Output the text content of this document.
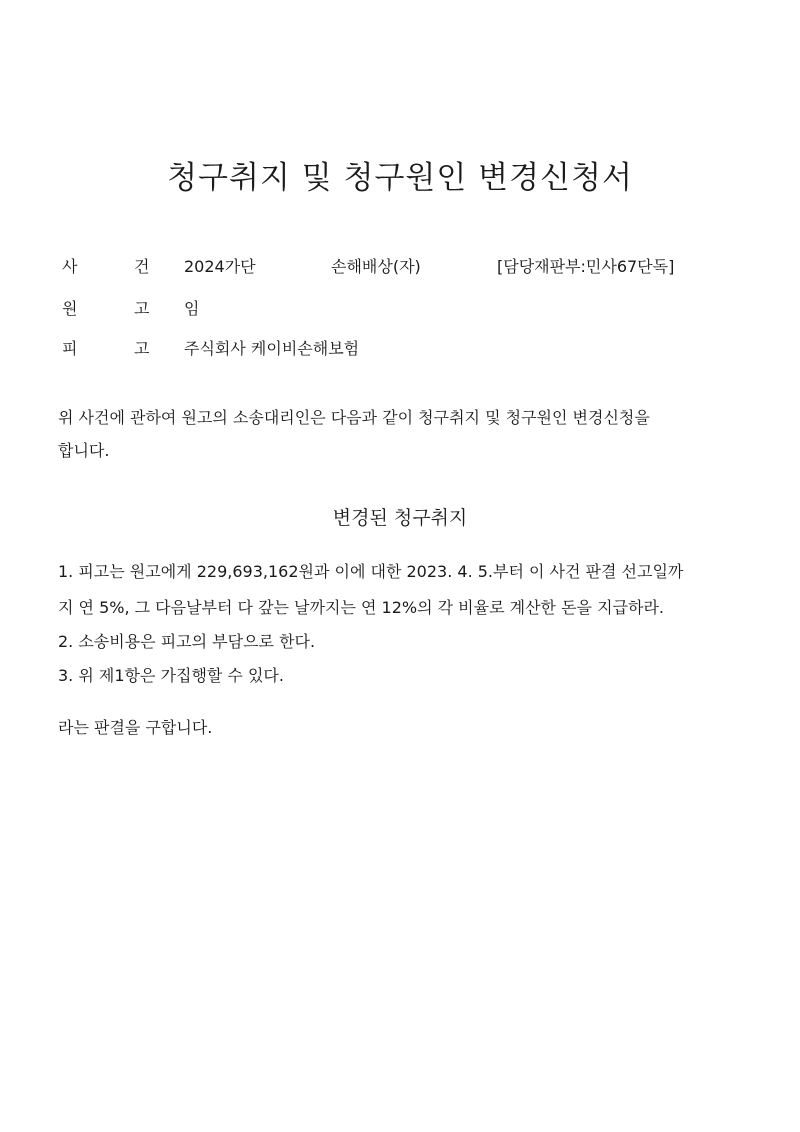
청구취지 및 청구원인 변경신청서
사	건 2024가단	손해배상(자)	[담당재판부:민사67단독]
원	고 임
피	고 주식회사 케이비손해보험
위 사건에 관하여 원고의 소송대리인은 다음과 같이 청구취지 및 청구원인 변경신청을
합니다.
변경된 청구취지
1. 피고는 원고에게 229,693,162원과 이에 대한 2023. 4. 5.부터 이 사건 판결 선고일까
지 연 5%, 그 다음날부터 다 갚는 날까지는 연 12%의 각 비율로 계산한 돈을 지급하라.
2. 소송비용은 피고의 부담으로 한다.
3. 위 제1항은 가집행할 수 있다.
라는 판결을 구합니다.
